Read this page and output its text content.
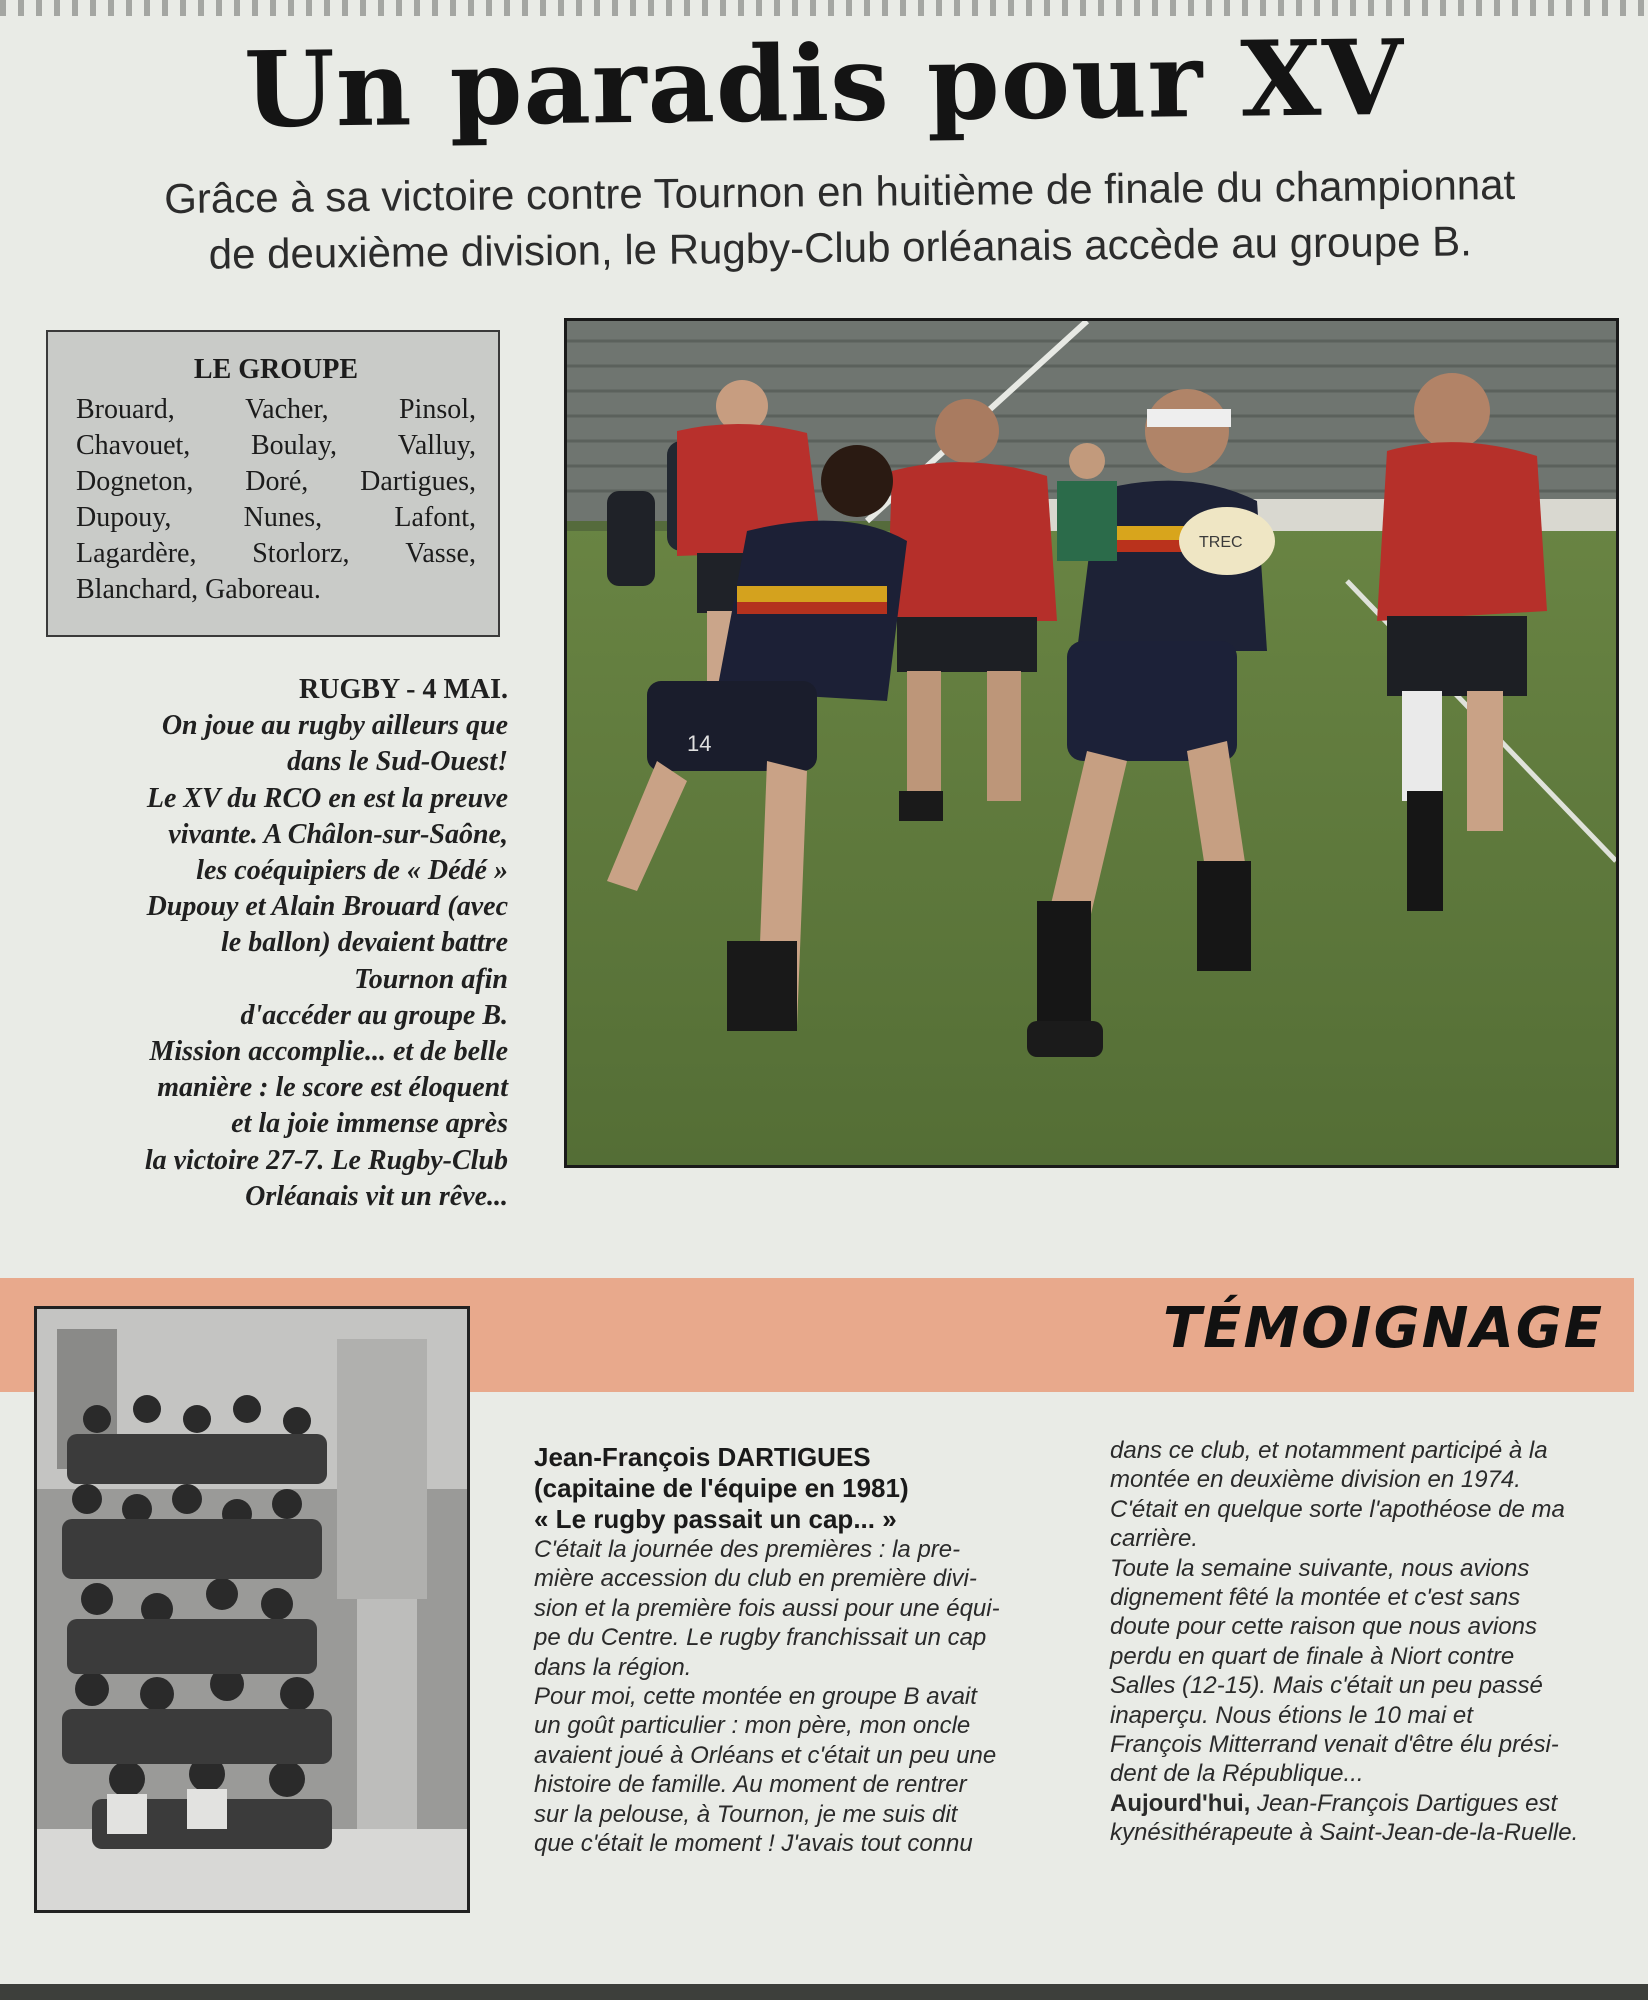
Un paradis pour XV
Grâce à sa victoire contre Tournon en huitième de finale du championnat
de deuxième division, le Rugby-Club orléanais accède au groupe B.
LE GROUPE
Brouard,	Vacher,	Pinsol,
Chavouet, Boulay, Valluy,
Dogneton, Doré, Dartigues,
Dupouy,	Nunes,	Lafont,
Lagardère, Storlorz, Vasse,
Blanchard, Gaboreau.
RUGBY - 4 MAI.
On joue au rugby ailleurs que
dans le Sud-Ouest!
Le XV du RCO en est la preuve
vivante. A Châlon-sur-Saône,
les coéquipiers de « Dédé »
Dupouy et Alain Brouard (avec
le ballon) devaient battre
Tournon afin
d'accéder au groupe B.
Mission accomplie... et de belle
manière : le score est éloquent
et la joie immense après
la victoire 27-7. Le Rugby-Club
Orléanais vit un rêve...
14
TREC
TÉMOIGNAGE
Jean-François DARTIGUES
(capitaine de l'équipe en 1981)
« Le rugby passait un cap... »
C'était la journée des premières : la pre-
mière accession du club en première divi-
sion et la première fois aussi pour une équi-
pe du Centre. Le rugby franchissait un cap
dans la région.
Pour moi, cette montée en groupe B avait
un goût particulier : mon père, mon oncle
avaient joué à Orléans et c'était un peu une
histoire de famille. Au moment de rentrer
sur la pelouse, à Tournon, je me suis dit
que c'était le moment ! J'avais tout connu
dans ce club, et notamment participé à la
montée en deuxième division en 1974.
C'était en quelque sorte l'apothéose de ma
carrière.
Toute la semaine suivante, nous avions
dignement fêté la montée et c'est sans
doute pour cette raison que nous avions
perdu en quart de finale à Niort contre
Salles (12-15). Mais c'était un peu passé
inaperçu. Nous étions le 10 mai et
François Mitterrand venait d'être élu prési-
dent de la République...
Aujourd'hui, Jean-François Dartigues est
kynésithérapeute à Saint-Jean-de-la-Ruelle.
